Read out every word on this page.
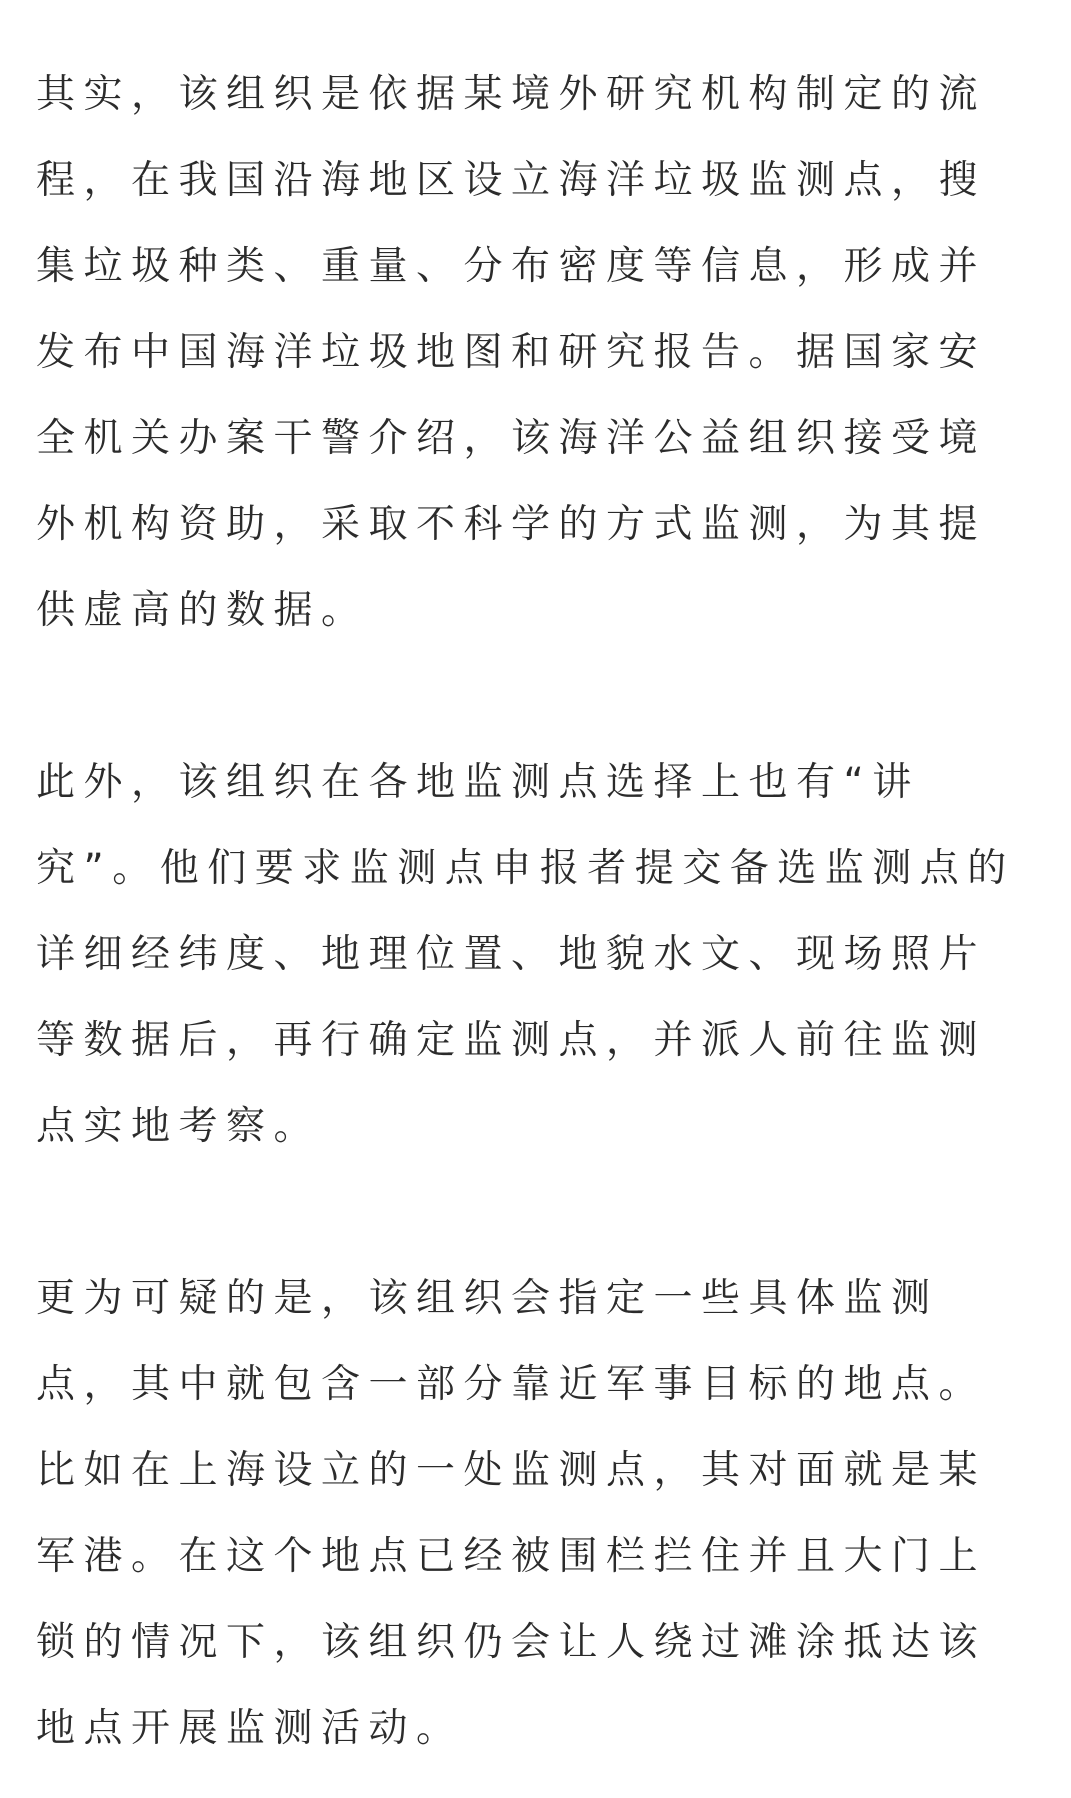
其实，该组织是依据某境外研究机构制定的流程，在我国沿海地区设立海洋垃圾监测点，搜集垃圾种类、重量、分布密度等信息，形成并发布中国海洋垃圾地图和研究报告。据国家安全机关办案干警介绍，该海洋公益组织接受境外机构资助，采取不科学的方式监测，为其提供虚高的数据。

此外，该组织在各地监测点选择上也有“讲究”。他们要求监测点申报者提交备选监测点的详细经纬度、地理位置、地貌水文、现场照片等数据后，再行确定监测点，并派人前往监测点实地考察。

更为可疑的是，该组织会指定一些具体监测点，其中就包含一部分靠近军事目标的地点。比如在上海设立的一处监测点，其对面就是某军港。在这个地点已经被围栏拦住并且大门上锁的情况下，该组织仍会让人绕过滩涂抵达该地点开展监测活动。
